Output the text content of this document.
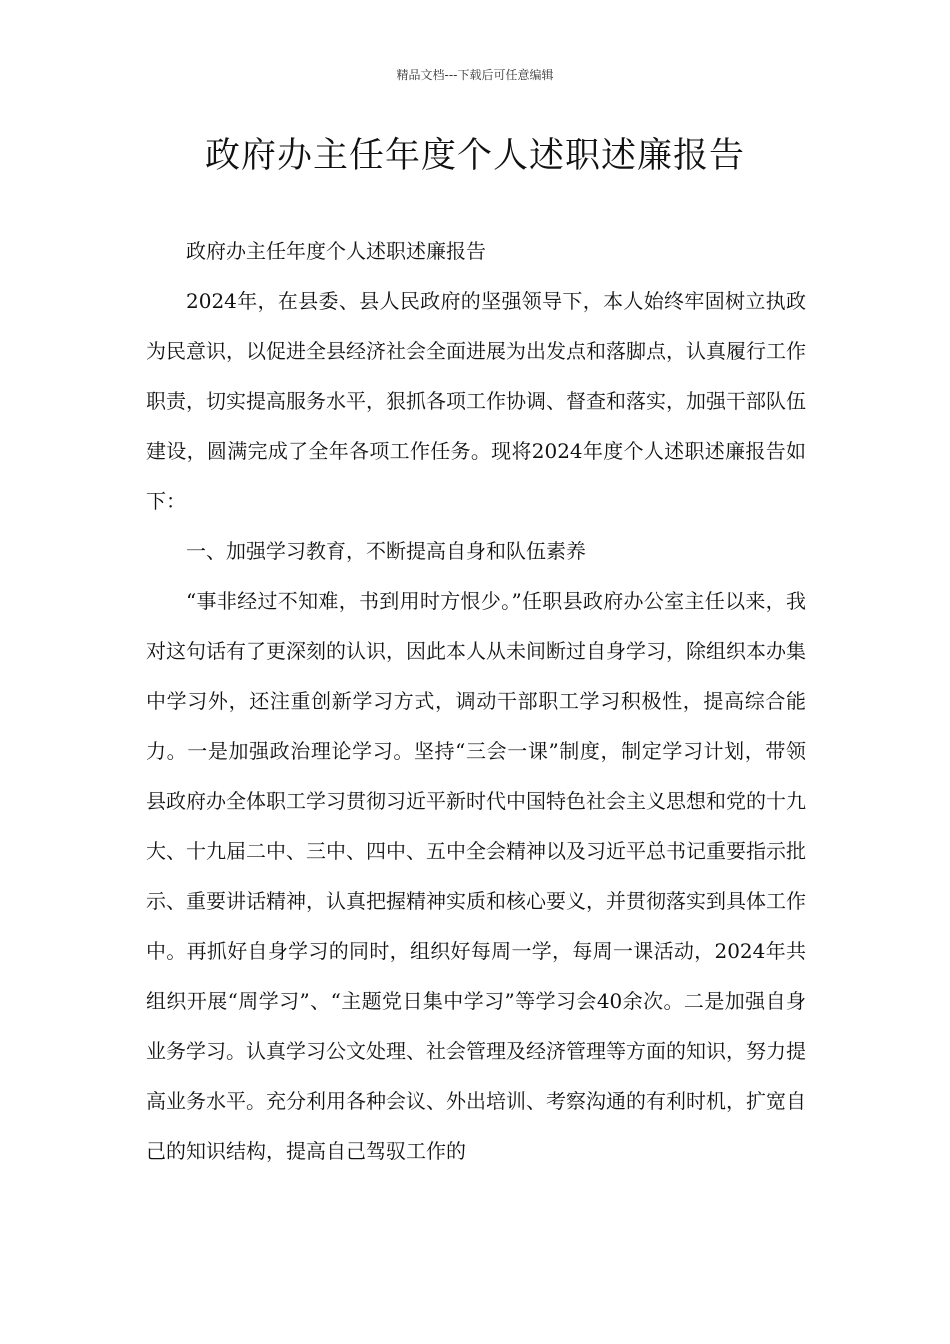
精品文档---下载后可任意编辑
政府办主任年度个人述职述廉报告

政府办主任年度个人述职述廉报告

2024年，在县委、县人民政府的坚强领导下，本人始终牢固树立执政为民意识，以促进全县经济社会全面进展为出发点和落脚点，认真履行工作职责，切实提高服务水平，狠抓各项工作协调、督查和落实，加强干部队伍建设，圆满完成了全年各项工作任务。现将2024年度个人述职述廉报告如下：

一、加强学习教育，不断提高自身和队伍素养

“事非经过不知难，书到用时方恨少。”任职县政府办公室主任以来，我对这句话有了更深刻的认识，因此本人从未间断过自身学习，除组织本办集中学习外，还注重创新学习方式，调动干部职工学习积极性，提高综合能力。一是加强政治理论学习。坚持“三会一课”制度，制定学习计划，带领县政府办全体职工学习贯彻习近平新时代中国特色社会主义思想和党的十九大、十九届二中、三中、四中、五中全会精神以及习近平总书记重要指示批示、重要讲话精神，认真把握精神实质和核心要义，并贯彻落实到具体工作中。再抓好自身学习的同时，组织好每周一学，每周一课活动，2024年共组织开展“周学习”、“主题党日集中学习”等学习会40余次。二是加强自身业务学习。认真学习公文处理、社会管理及经济管理等方面的知识，努力提高业务水平。充分利用各种会议、外出培训、考察沟通的有利时机，扩宽自己的知识结构，提高自己驾驭工作的
